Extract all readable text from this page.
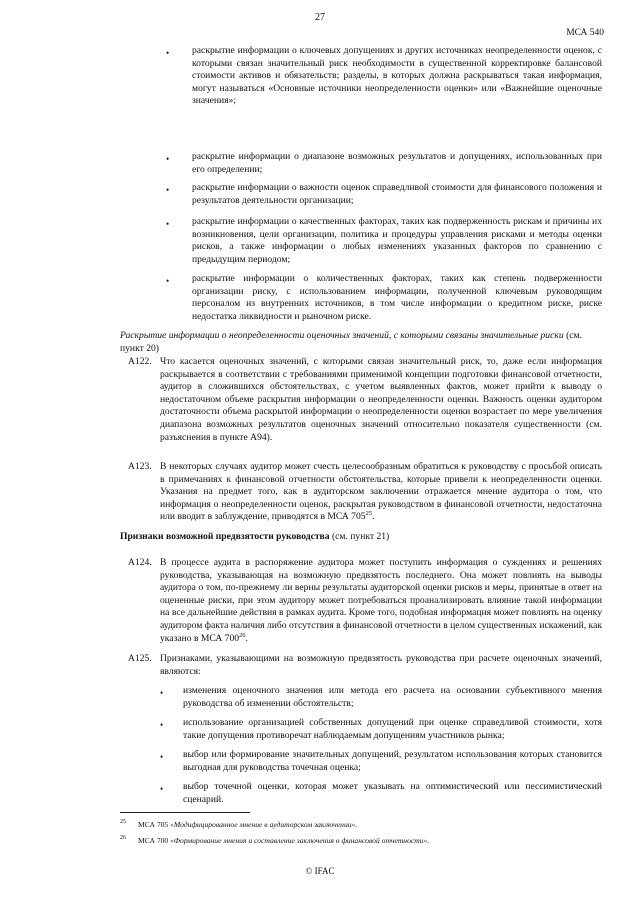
27
МСА 540
• раскрытие информации о ключевых допущениях и других источниках неопределенности оценок, с которыми связан значительный риск необходимости в существенной корректировке балансовой стоимости активов и обязательств; разделы, в которых должна раскрываться такая информация, могут называться «Основные источники неопределенности оценки» или «Важнейшие оценочные значения»;
• раскрытие информации о диапазоне возможных результатов и допущениях, использованных при его определении;
• раскрытие информации о важности оценок справедливой стоимости для финансового положения и результатов деятельности организации;
• раскрытие информации о качественных факторах, таких как подверженность рискам и причины их возникновения, цели организации, политика и процедуры управления рисками и методы оценки рисков, а также информации о любых изменениях указанных факторов по сравнению с предыдущим периодом;
• раскрытие информации о количественных факторах, таких как степень подверженности организации риску, с использованием информации, полученной ключевым руководящим персоналом из внутренних источников, в том числе информации о кредитном риске, риске недостатка ликвидности и рыночном риске.
Раскрытие информации о неопределенности оценочных значений, с которыми связаны значительные риски (см. пункт 20)
A122. Что касается оценочных значений, с которыми связан значительный риск, то, даже если информация раскрывается в соответствии с требованиями применимой концепции подготовки финансовой отчетности, аудитор в сложившихся обстоятельствах, с учетом выявленных фактов, может прийти к выводу о недостаточном объеме раскрытия информации о неопределенности оценки. Важность оценки аудитором достаточности объема раскрытой информации о неопределенности оценки возрастает по мере увеличения диапазона возможных результатов оценочных значений относительно показателя существенности (см. разъяснения в пункте A94).
A123. В некоторых случаях аудитор может счесть целесообразным обратиться к руководству с просьбой описать в примечаниях к финансовой отчетности обстоятельства, которые привели к неопределенности оценки. Указания на предмет того, как в аудиторском заключении отражается мнение аудитора о том, что информация о неопределенности оценок, раскрытая руководством в финансовой отчетности, недостаточна или вводит в заблуждение, приводятся в МСА $705^{25}$.
Признаки возможной предвзятости руководства (см. пункт 21)
A124. В процессе аудита в распоряжение аудитора может поступить информация о суждениях и решениях руководства, указывающая на возможную предвзятость последнего. Она может повлиять на выводы аудитора о том, по-прежнему ли верны результаты аудиторской оценки рисков и меры, принятые в ответ на оцененные риски, при этом аудитору может потребоваться проанализировать влияние такой информации на все дальнейшие действия в рамках аудита. Кроме того, подобная информация может повлиять на оценку аудитором факта наличия либо отсутствия в финансовой отчетности в целом существенных искажений, как указано в МСА $700^{26}$.
A125. Признаками, указывающими на возможную предвзятость руководства при расчете оценочных значений, являются:
• изменения оценочного значения или метода его расчета на основании субъективного мнения руководства об изменении обстоятельств;
• использование организацией собственных допущений при оценке справедливой стоимости, хотя такие допущения противоречат наблюдаемым допущениям участников рынка;
• выбор или формирование значительных допущений, результатом использования которых становится выгодная для руководства точечная оценка;
• выбор точечной оценки, которая может указывать на оптимистический или пессимистический сценарий.
25 МСА 705 «Модифицированное мнение в аудиторском заключении».
26 МСА 700 «Формирование мнения и составление заключения о финансовой отчетности».
© IFAC
